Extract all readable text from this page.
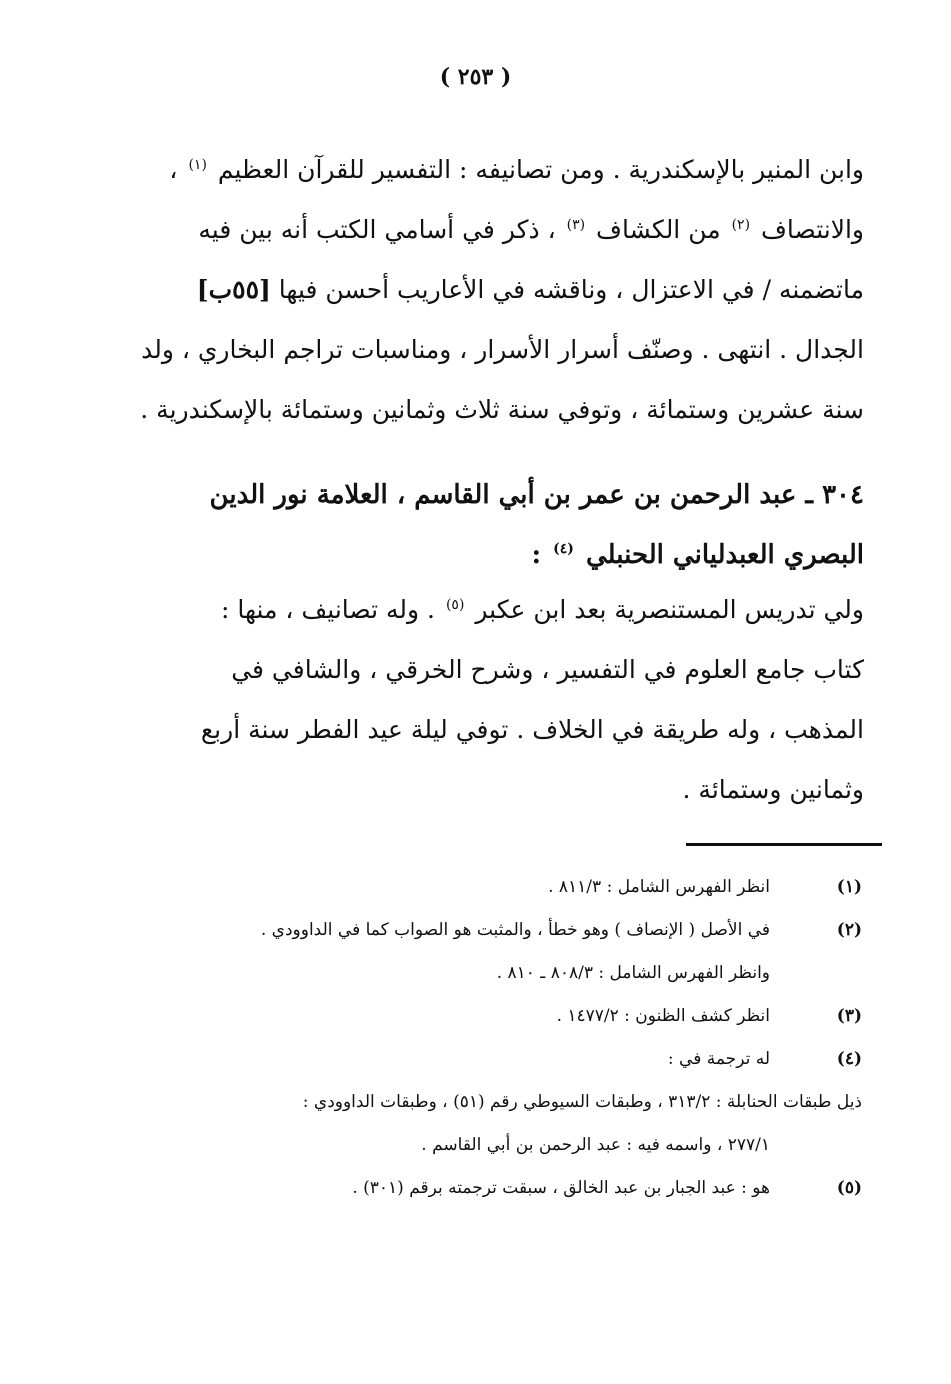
( ٢٥٣ )
وابن المنير بالإسكندرية . ومن تصانيفه : التفسير للقرآن العظيم $^{(١)}$ ،
والانتصاف $^{(٢)}$ من الكشاف $^{(٣)}$ ، ذكر في أسامي الكتب أنه بين فيه
ماتضمنه / في الاعتزال ، وناقشه في الأعاريب أحسن فيها [٥٥ب]
الجدال . انتهى . وصنّف أسرار الأسرار ، ومناسبات تراجم البخاري ، ولد
سنة عشرين وستمائة ، وتوفي سنة ثلاث وثمانين وستمائة بالإسكندرية .
٣٠٤ ـ عبد الرحمن بن عمر بن أبي القاسم ، العلامة نور الدين
البصري العبدلياني الحنبلي $^{(٤)}$ :
ولي تدريس المستنصرية بعد ابن عكبر $^{(٥)}$ . وله تصانيف ، منها :
كتاب جامع العلوم في التفسير ، وشرح الخرقي ، والشافي في
المذهب ، وله طريقة في الخلاف . توفي ليلة عيد الفطر سنة أربع
وثمانين وستمائة .
(١)
انظر الفهرس الشامل : ٨١١/٣ .
(٢)
في الأصل ( الإنصاف ) وهو خطأ ، والمثبت هو الصواب كما في الداوودي .
وانظر الفهرس الشامل : ٨٠٨/٣ ـ ٨١٠ .
(٣)
انظر كشف الظنون : ١٤٧٧/٢ .
(٤)
له ترجمة في :
ذيل طبقات الحنابلة : ٣١٣/٢ ، وطبقات السيوطي رقم (٥١) ، وطبقات الداوودي :
٢٧٧/١ ، واسمه فيه : عبد الرحمن بن أبي القاسم .
(٥)
هو : عبد الجبار بن عبد الخالق ، سبقت ترجمته برقم (٣٠١) .
